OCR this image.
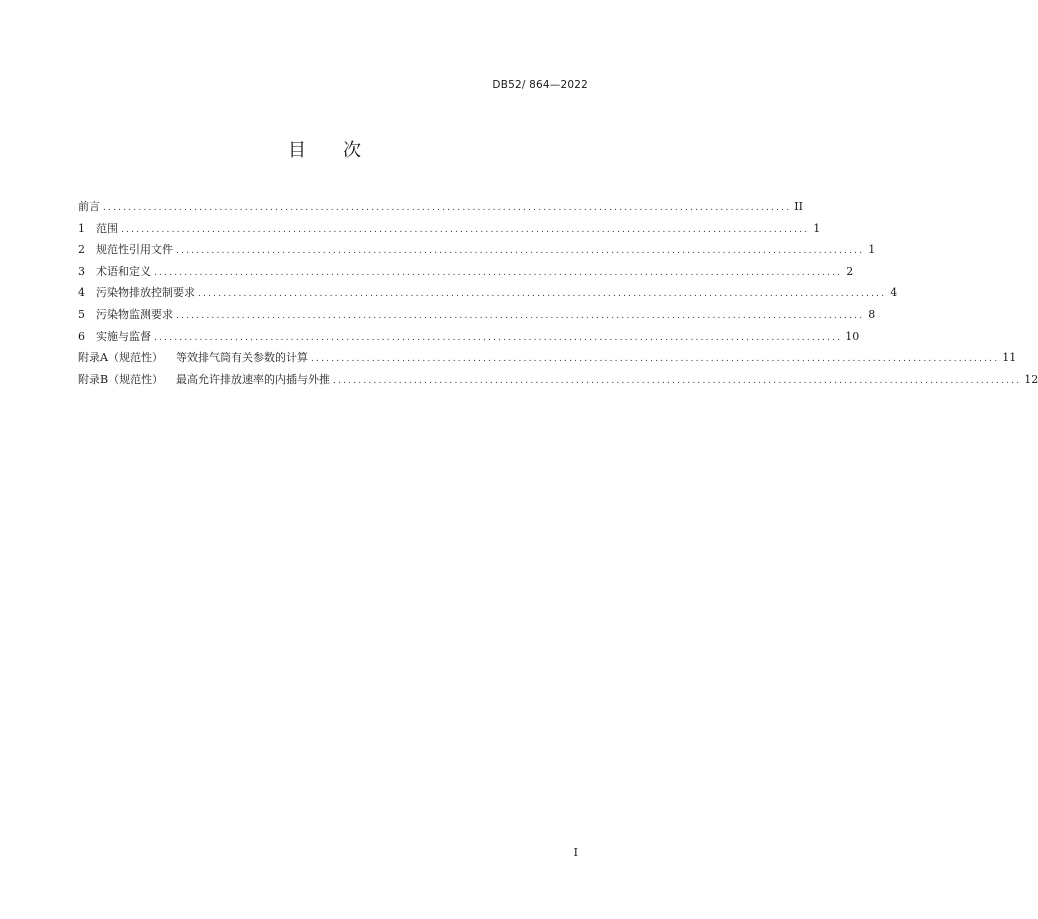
DB52/ 864—2022
目 次
前言 ........................................................................................................................................ II
1	范围 ........................................................................................................................................ 1
2	规范性引用文件 ........................................................................................................................................ 1
3	术语和定义 ........................................................................................................................................ 2
4	污染物排放控制要求 ........................................................................................................................................ 4
5	污染物监测要求 ........................................................................................................................................ 8
6	实施与监督 ........................................................................................................................................ 10
附录A（规范性）	等效排气筒有关参数的计算 ........................................................................................................................................ 11
附录B（规范性）	最高允许排放速率的内插与外推 ........................................................................................................................................ 12
I
